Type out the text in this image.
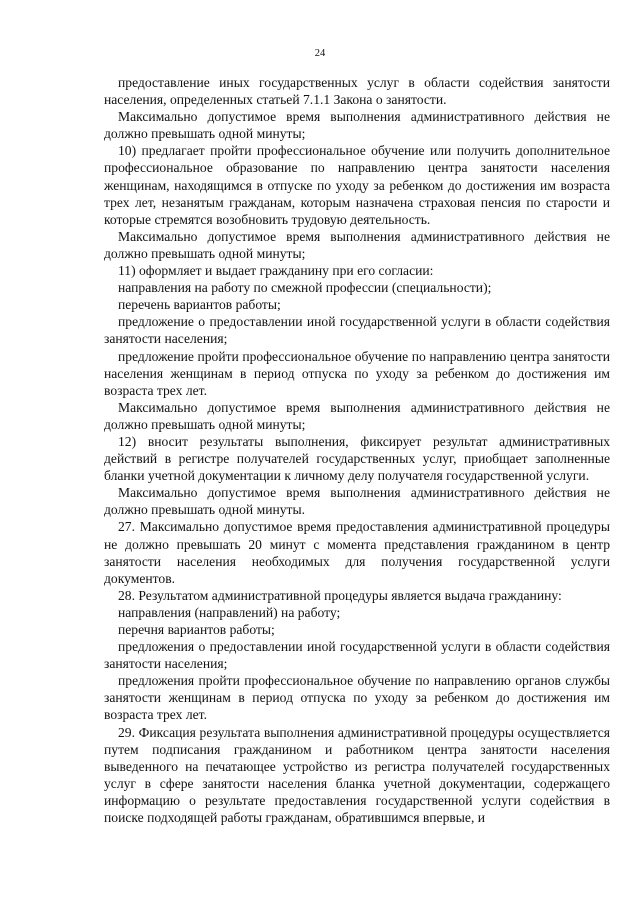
24

предоставление иных государственных услуг в области содействия занятости населения, определенных статьей 7.1.1 Закона о занятости.

Максимально допустимое время выполнения административного действия не должно превышать одной минуты;

10) предлагает пройти профессиональное обучение или получить дополнительное профессиональное образование по направлению центра занятости населения женщинам, находящимся в отпуске по уходу за ребенком до достижения им возраста трех лет, незанятым гражданам, которым назначена страховая пенсия по старости и которые стремятся возобновить трудовую деятельность.

Максимально допустимое время выполнения административного действия не должно превышать одной минуты;

11) оформляет и выдает гражданину при его согласии:

направления на работу по смежной профессии (специальности);

перечень вариантов работы;

предложение о предоставлении иной государственной услуги в области содействия занятости населения;

предложение пройти профессиональное обучение по направлению центра занятости населения женщинам в период отпуска по уходу за ребенком до достижения им возраста трех лет.

Максимально допустимое время выполнения административного действия не должно превышать одной минуты;

12) вносит результаты выполнения, фиксирует результат административных действий в регистре получателей государственных услуг, приобщает заполненные бланки учетной документации к личному делу получателя государственной услуги.

Максимально допустимое время выполнения административного действия не должно превышать одной минуты.

27. Максимально допустимое время предоставления административной процедуры не должно превышать 20 минут с момента представления гражданином в центр занятости населения необходимых для получения государственной услуги документов.

28. Результатом административной процедуры является выдача гражданину:

направления (направлений) на работу;

перечня вариантов работы;

предложения о предоставлении иной государственной услуги в области содействия занятости населения;

предложения пройти профессиональное обучение по направлению органов службы занятости женщинам в период отпуска по уходу за ребенком до достижения им возраста трех лет.

29. Фиксация результата выполнения административной процедуры осуществляется путем подписания гражданином и работником центра занятости населения выведенного на печатающее устройство из регистра получателей государственных услуг в сфере занятости населения бланка учетной документации, содержащего информацию о результате предоставления государственной услуги содействия в поиске подходящей работы гражданам, обратившимся впервые, и
